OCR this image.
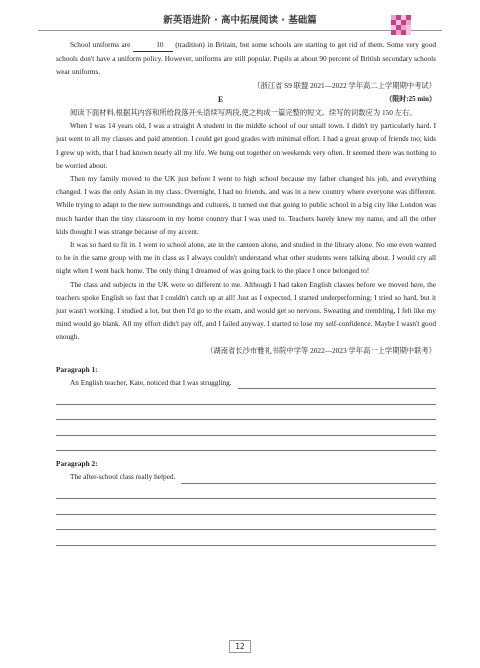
新英语进阶 · 高中拓展阅读 · 基础篇

School uniforms are	10 (tradition) in Britain, but some schools are starting to get rid of them. Some very good schools don't have a uniform policy. However, uniforms are still popular. Pupils at about 90 percent of British secondary schools wear uniforms.

（浙江省 S9 联盟 2021—2022 学年高二上学期期中考试）

E	（限时:25 min）

阅读下面材料,根据其内容和所给段落开头语续写两段,使之构成一篇完整的短文。续写的词数应为 150 左右。

When I was 14 years old, I was a straight A student in the middle school of our small town. I didn't try particularly hard. I just went to all my classes and paid attention. I could get good grades with minimal effort. I had a great group of friends too; kids I grew up with, that I had known nearly all my life. We hung out together on weekends very often. It seemed there was nothing to be worried about.

Then my family moved to the UK just before I went to high school because my father changed his job, and everything changed. I was the only Asian in my class. Overnight, I had no friends, and was in a new country where everyone was different. While trying to adapt to the new surroundings and cultures, it turned out that going to public school in a big city like London was much harder than the tiny classroom in my home country that I was used to. Teachers barely knew my name, and all the other kids thought I was strange because of my accent.

It was so hard to fit in. I went to school alone, ate in the canteen alone, and studied in the library alone. No one even wanted to be in the same group with me in class as I always couldn't understand what other students were talking about. I would cry all night when I went back home. The only thing I dreamed of was going back to the place I once belonged to!

The class and subjects in the UK were so different to me. Although I had taken English classes before we moved here, the teachers spoke English so fast that I couldn't catch up at all! Just as I expected, I started underperforming; I tried so hard, but it just wasn't working. I studied a lot, but then I'd go to the exam, and would get so nervous. Sweating and trembling, I felt like my mind would go blank. All my effort didn't pay off, and I failed anyway. I started to lose my self-confidence. Maybe I wasn't good enough.

（湖南省长沙市雅礼书院中学等 2022—2023 学年高一上学期期中联考）

Paragraph 1:
An English teacher, Kate, noticed that I was struggling.
Paragraph 2:
The after-school class really helped.
12
